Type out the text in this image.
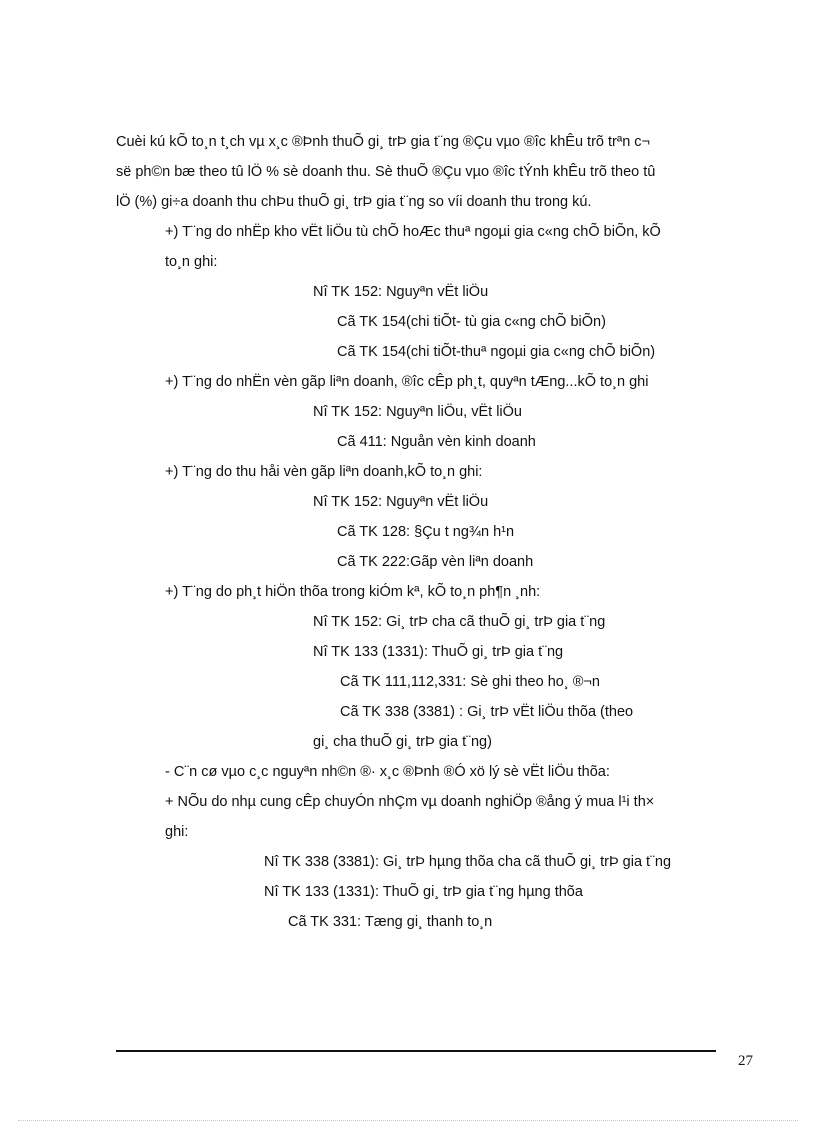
Cuèi kú kÕ to¸n t¸ch vµ x¸c ®Þnh thuÕ gi¸ trÞ gia t¨ng ®Çu vµo ®îc khÊu trõ trªn c¬
së ph©n bæ theo tû lÖ % sè doanh thu. Sè thuÕ ®Çu vµo ®îc tÝnh khÊu trõ theo tû
lÖ (%) gi÷a doanh thu chÞu thuÕ gi¸ trÞ gia t¨ng so víi doanh thu trong kú.
+) T¨ng do nhËp kho vËt liÖu tù chÕ hoÆc thuª ngoµi gia c«ng chÕ biÕn, kÕ
to¸n ghi:
Nî TK 152: Nguyªn vËt liÖu
Cã TK 154(chi tiÕt- tù gia c«ng chÕ biÕn)
Cã TK 154(chi tiÕt-thuª ngoµi gia c«ng chÕ biÕn)
+) T¨ng do nhËn vèn gãp liªn doanh, ®îc cÊp ph¸t, quyªn tÆng...kÕ to¸n ghi
Nî TK 152: Nguyªn liÖu, vËt liÖu
Cã 411: Nguån vèn kinh doanh
+) T¨ng do thu håi vèn gãp liªn doanh,kÕ to¸n ghi:
Nî TK 152: Nguyªn vËt liÖu
Cã TK 128: §Çu t ng¾n h¹n
Cã TK 222:Gãp vèn liªn doanh
+) T¨ng do ph¸t hiÖn thõa trong kiÓm kª, kÕ to¸n ph¶n ¸nh:
Nî TK 152: Gi¸ trÞ cha cã thuÕ gi¸ trÞ gia t¨ng
Nî TK 133 (1331): ThuÕ gi¸ trÞ gia t¨ng
Cã TK 111,112,331: Sè ghi theo ho¸ ®¬n
Cã TK 338 (3381) : Gi¸ trÞ vËt liÖu thõa (theo
gi¸ cha thuÕ gi¸ trÞ gia t¨ng)
- C¨n cø vµo c¸c nguyªn nh©n ®· x¸c ®Þnh ®Ó xö lý sè vËt liÖu thõa:
+ NÕu do nhµ cung cÊp chuyÓn nhÇm vµ doanh nghiÖp ®ång ý mua l¹i th×
ghi:
Nî TK 338 (3381): Gi¸ trÞ hµng thõa cha cã thuÕ gi¸ trÞ gia t¨ng
Nî TK 133 (1331): ThuÕ gi¸ trÞ gia t¨ng hµng thõa
Cã TK 331: Tæng gi¸ thanh to¸n
27
